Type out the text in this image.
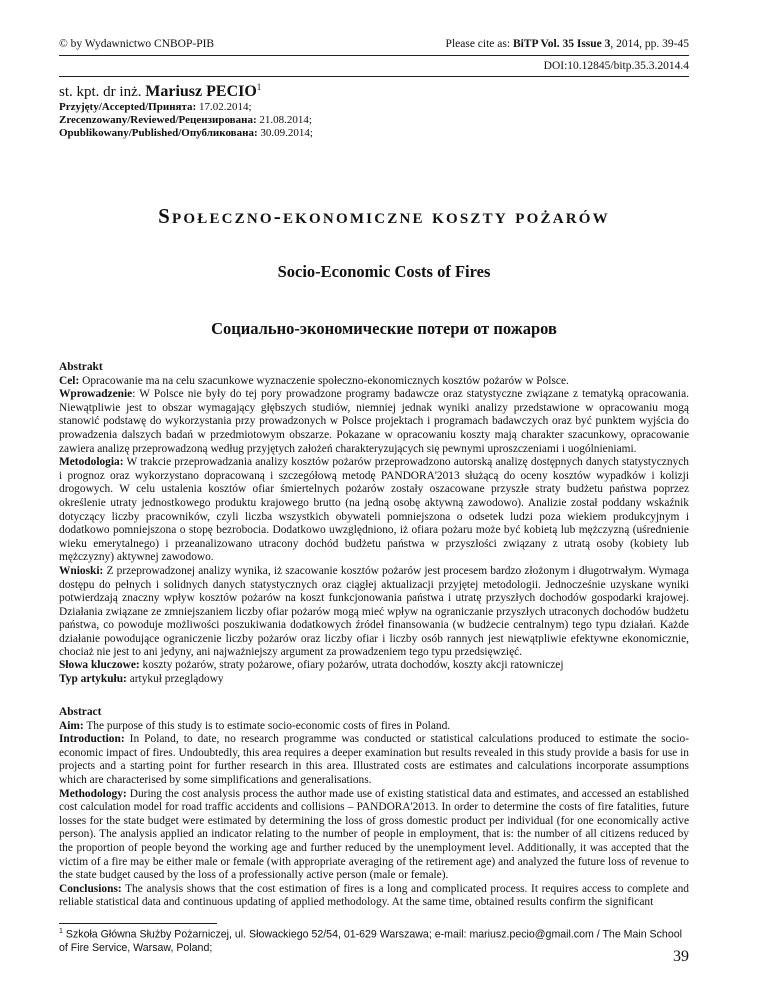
© by Wydawnictwo CNBOP-PIB	Please cite as: BiTP Vol. 35 Issue 3, 2014, pp. 39-45
DOI:10.12845/bitp.35.3.2014.4
st. kpt. dr inż. Mariusz PECIO$^1$
Przyjęty/Accepted/Принята: 17.02.2014;
Zrecenzowany/Reviewed/Рецензирована: 21.08.2014;
Opublikowany/Published/Опубликована: 30.09.2014;
Społeczno-ekonomiczne koszty pożarów
Socio-Economic Costs of Fires
Социально-экономические потери от пожаров

Abstrakt

Cel: Opracowanie ma na celu szacunkowe wyznaczenie społeczno-ekonomicznych kosztów pożarów w Polsce.

Wprowadzenie: W Polsce nie były do tej pory prowadzone programy badawcze oraz statystyczne związane z tematyką opracowania. Niewątpliwie jest to obszar wymagający głębszych studiów, niemniej jednak wyniki analizy przedstawione w opracowaniu mogą stanowić podstawę do wykorzystania przy prowadzonych w Polsce projektach i programach badawczych oraz być punktem wyjścia do prowadzenia dalszych badań w przedmiotowym obszarze. Pokazane w opracowaniu koszty mają charakter szacunkowy, opracowanie zawiera analizę przeprowadzoną według przyjętych założeń charakteryzujących się pewnymi uproszczeniami i uogólnieniami.

Metodologia: W trakcie przeprowadzania analizy kosztów pożarów przeprowadzono autorską analizę dostępnych danych statystycznych i prognoz oraz wykorzystano dopracowaną i szczegółową metodę PANDORA'2013 służącą do oceny kosztów wypadków i kolizji drogowych. W celu ustalenia kosztów ofiar śmiertelnych pożarów zostały oszacowane przyszłe straty budżetu państwa poprzez określenie utraty jednostkowego produktu krajowego brutto (na jedną osobę aktywną zawodowo). Analizie został poddany wskaźnik dotyczący liczby pracowników, czyli liczba wszystkich obywateli pomniejszona o odsetek ludzi poza wiekiem produkcyjnym i dodatkowo pomniejszona o stopę bezrobocia. Dodatkowo uwzględniono, iż ofiara pożaru może być kobietą lub mężczyzną (uśrednienie wieku emerytalnego) i przeanalizowano utracony dochód budżetu państwa w przyszłości związany z utratą osoby (kobiety lub mężczyzny) aktywnej zawodowo.

Wnioski: Z przeprowadzonej analizy wynika, iż szacowanie kosztów pożarów jest procesem bardzo złożonym i długotrwałym. Wymaga dostępu do pełnych i solidnych danych statystycznych oraz ciągłej aktualizacji przyjętej metodologii. Jednocześnie uzyskane wyniki potwierdzają znaczny wpływ kosztów pożarów na koszt funkcjonowania państwa i utratę przyszłych dochodów gospodarki krajowej. Działania związane ze zmniejszaniem liczby ofiar pożarów mogą mieć wpływ na ograniczanie przyszłych utraconych dochodów budżetu państwa, co powoduje możliwości poszukiwania dodatkowych źródeł finansowania (w budżecie centralnym) tego typu działań. Każde działanie powodujące ograniczenie liczby pożarów oraz liczby ofiar i liczby osób rannych jest niewątpliwie efektywne ekonomicznie, chociaż nie jest to ani jedyny, ani najważniejszy argument za prowadzeniem tego typu przedsięwzięć.

Słowa kluczowe: koszty pożarów, straty pożarowe, ofiary pożarów, utrata dochodów, koszty akcji ratowniczej

Typ artykułu: artykuł przeglądowy

Abstract

Aim: The purpose of this study is to estimate socio-economic costs of fires in Poland.

Introduction: In Poland, to date, no research programme was conducted or statistical calculations produced to estimate the socio-economic impact of fires. Undoubtedly, this area requires a deeper examination but results revealed in this study provide a basis for use in projects and a starting point for further research in this area. Illustrated costs are estimates and calculations incorporate assumptions which are characterised by some simplifications and generalisations.

Methodology: During the cost analysis process the author made use of existing statistical data and estimates, and accessed an established cost calculation model for road traffic accidents and collisions – PANDORA'2013. In order to determine the costs of fire fatalities, future losses for the state budget were estimated by determining the loss of gross domestic product per individual (for one economically active person). The analysis applied an indicator relating to the number of people in employment, that is: the number of all citizens reduced by the proportion of people beyond the working age and further reduced by the unemployment level. Additionally, it was accepted that the victim of a fire may be either male or female (with appropriate averaging of the retirement age) and analyzed the future loss of revenue to the state budget caused by the loss of a professionally active person (male or female).

Conclusions: The analysis shows that the cost estimation of fires is a long and complicated process. It requires access to complete and reliable statistical data and continuous updating of applied methodology. At the same time, obtained results confirm the significant

$^1$ Szkoła Główna Służby Pożarniczej, ul. Słowackiego 52/54, 01-629 Warszawa; e-mail: mariusz.pecio@gmail.com / The Main School of Fire Service, Warsaw, Poland;
39
